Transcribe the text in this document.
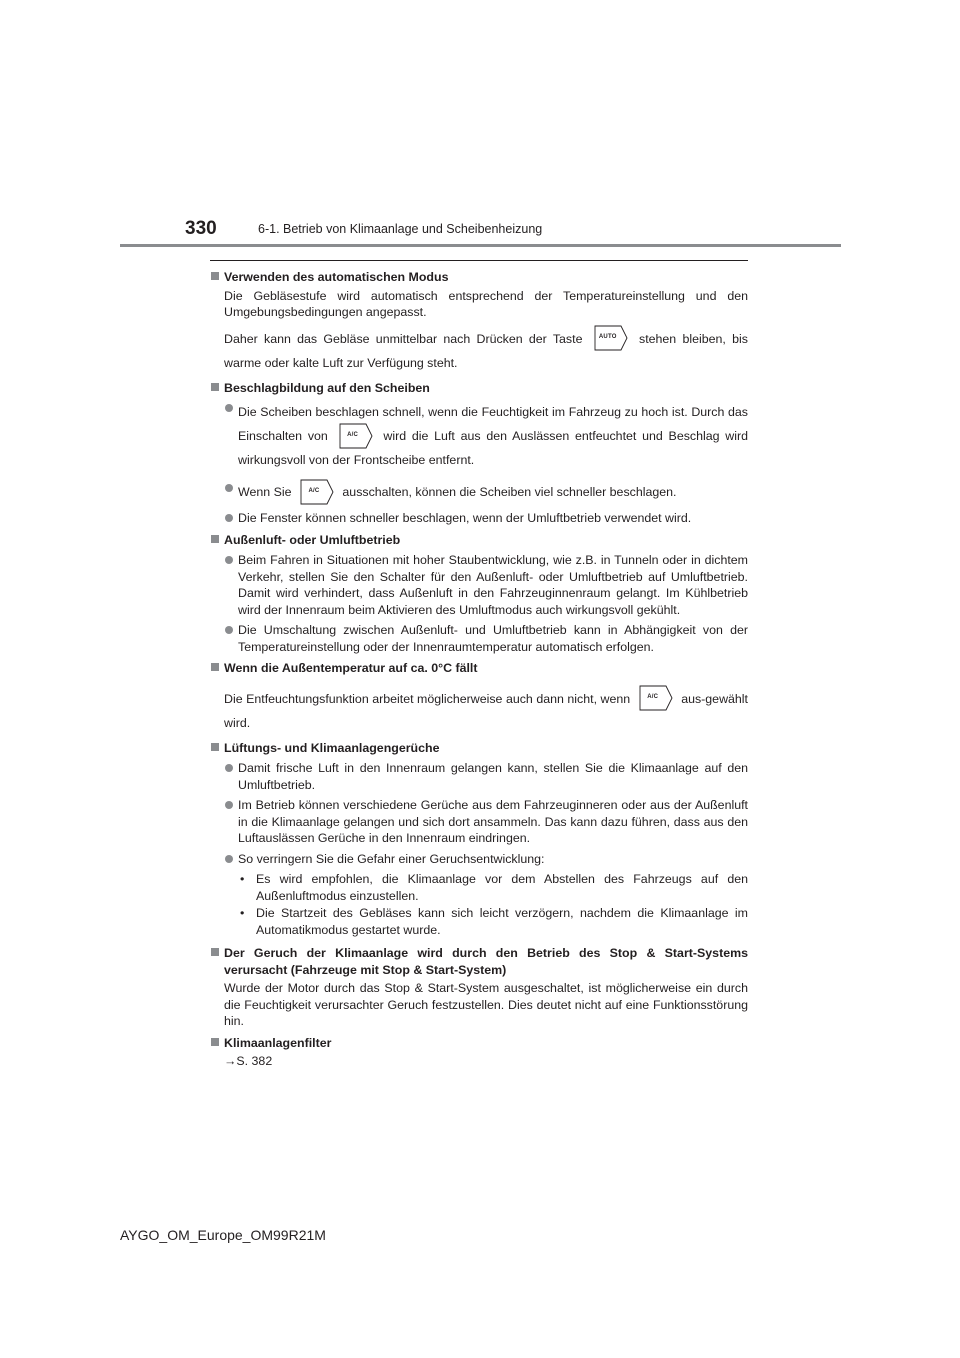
330	6-1. Betrieb von Klimaanlage und Scheibenheizung
Verwenden des automatischen Modus
Die Gebläsestufe wird automatisch entsprechend der Temperatureinstellung und den Umgebungsbedingungen angepasst.
Daher kann das Gebläse unmittelbar nach Drücken der Taste	AUTO	stehen bleiben, bis warme oder kalte Luft zur Verfügung steht.
Beschlagbildung auf den Scheiben
Die Scheiben beschlagen schnell, wenn die Feuchtigkeit im Fahrzeug zu hoch ist. Durch das Einschalten von	A/C	wird die Luft aus den Auslässen entfeuchtet und Beschlag wird wirkungsvoll von der Frontscheibe entfernt.
Wenn Sie	A/C	ausschalten, können die Scheiben viel schneller beschlagen.
Die Fenster können schneller beschlagen, wenn der Umluftbetrieb verwendet wird.
Außenluft- oder Umluftbetrieb
Beim Fahren in Situationen mit hoher Staubentwicklung, wie z.B. in Tunneln oder in dichtem Verkehr, stellen Sie den Schalter für den Außenluft- oder Umluftbetrieb auf Umluftbetrieb. Damit wird verhindert, dass Außenluft in den Fahrzeuginnenraum gelangt. Im Kühlbetrieb wird der Innenraum beim Aktivieren des Umluftmodus auch wirkungsvoll gekühlt.
Die Umschaltung zwischen Außenluft- und Umluftbetrieb kann in Abhängigkeit von der Temperatureinstellung oder der Innenraumtemperatur automatisch erfolgen.
Wenn die Außentemperatur auf ca. 0°C fällt
Die Entfeuchtungsfunktion arbeitet möglicherweise auch dann nicht, wenn	A/C	aus-gewählt wird.
Lüftungs- und Klimaanlagengerüche
Damit frische Luft in den Innenraum gelangen kann, stellen Sie die Klimaanlage auf den Umluftbetrieb.
Im Betrieb können verschiedene Gerüche aus dem Fahrzeuginneren oder aus der Außenluft in die Klimaanlage gelangen und sich dort ansammeln. Das kann dazu führen, dass aus den Luftauslässen Gerüche in den Innenraum eindringen.
So verringern Sie die Gefahr einer Geruchsentwicklung:
• Es wird empfohlen, die Klimaanlage vor dem Abstellen des Fahrzeugs auf den Außenluftmodus einzustellen.
• Die Startzeit des Gebläses kann sich leicht verzögern, nachdem die Klimaanlage im Automatikmodus gestartet wurde.
Der Geruch der Klimaanlage wird durch den Betrieb des Stop & Start-Systems verursacht (Fahrzeuge mit Stop & Start-System)
Wurde der Motor durch das Stop & Start-System ausgeschaltet, ist möglicherweise ein durch die Feuchtigkeit verursachter Geruch festzustellen. Dies deutet nicht auf eine Funktionsstörung hin.
Klimaanlagenfilter
→S. 382
AYGO_OM_Europe_OM99R21M
